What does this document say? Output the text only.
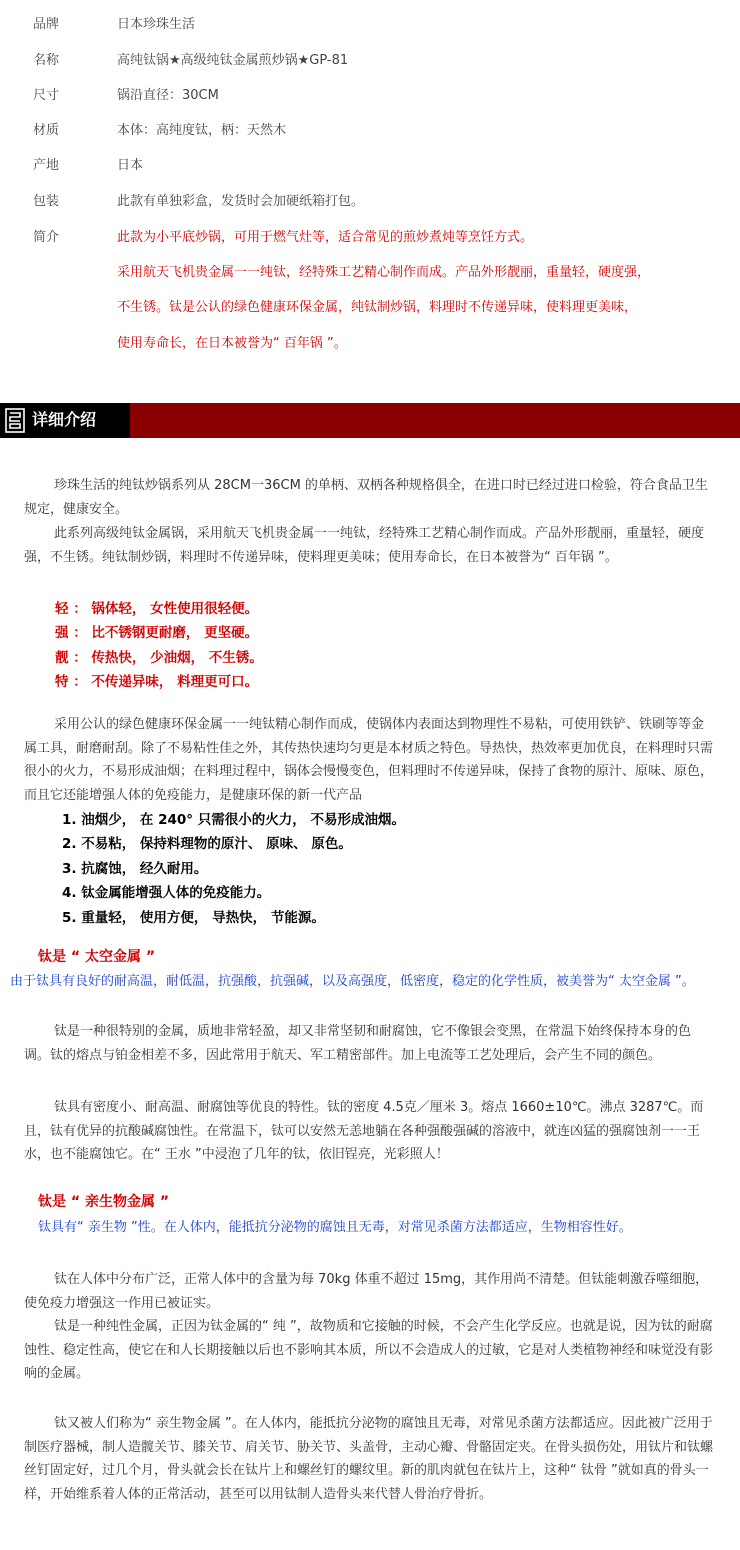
品牌	日本珍珠生活
名称	高纯钛锅★高级纯钛金属煎炒锅★GP-81
尺寸	锅沿直径：30CM
材质	本体：高纯度钛，柄：天然木
产地	日本
包装	此款有单独彩盒，发货时会加硬纸箱打包。
简介	此款为小平底炒锅，可用于燃气灶等，适合常见的煎炒煮炖等烹饪方式。
采用航天飞机贵金属一一纯钛，经特殊工艺精心制作而成。产品外形靓丽，重量轻，硬度强，
不生锈。钛是公认的绿色健康环保金属，纯钛制炒锅，料理时不传递异味，使料理更美味，
使用寿命长，在日本被誉为“ 百年锅 ”。
详细介绍
珍珠生活的纯钛炒锅系列从 28CM一36CM 的单柄、双柄各种规格俱全，在进口时已经过进口检验，符合食品卫生规定，健康安全。
此系列高级纯钛金属锅，采用航天飞机贵金属一一纯钛，经特殊工艺精心制作而成。产品外形靓丽，重量轻，硬度强，不生锈。纯钛制炒锅，料理时不传递异味，使料理更美味；使用寿命长，在日本被誉为“ 百年锅 ”。
轻 ： 锅体轻， 女性使用很轻便。
强 ： 比不锈钢更耐磨， 更坚硬。
靓 ： 传热快， 少油烟， 不生锈。
特 ： 不传递异味， 料理更可口。
采用公认的绿色健康环保金属一一纯钛精心制作而成，使锅体内表面达到物理性不易粘，可使用铁铲、铁刷等等金属工具，耐磨耐刮。除了不易粘性佳之外，其传热快速均匀更是本材质之特色。导热快，热效率更加优良，在料理时只需很小的火力，不易形成油烟；在料理过程中，锅体会慢慢变色，但料理时不传递异味，保持了食物的原汁、原味、原色，而且它还能增强人体的免疫能力，是健康环保的新一代产品
1. 油烟少， 在 240° 只需很小的火力， 不易形成油烟。
2. 不易粘， 保持料理物的原汁、 原味、 原色。
3. 抗腐蚀， 经久耐用。
4. 钛金属能增强人体的免疫能力。
5. 重量轻， 使用方便， 导热快， 节能源。
钛是 “ 太空金属 ”
由于钛具有良好的耐高温，耐低温，抗强酸，抗强碱，以及高强度，低密度，稳定的化学性质，被美誉为“ 太空金属 ”。
钛是一种很特别的金属，质地非常轻盈，却又非常坚韧和耐腐蚀，它不像银会变黑，在常温下始终保持本身的色调。钛的熔点与铂金相差不多，因此常用于航天、军工精密部件。加上电流等工艺处理后，会产生不同的颜色。
钛具有密度小、耐高温、耐腐蚀等优良的特性。钛的密度 4.5克／厘米 3。熔点 1660±10℃。沸点 3287℃。而且，钛有优异的抗酸碱腐蚀性。在常温下，钛可以安然无恙地躺在各种强酸强碱的溶液中，就连凶猛的强腐蚀剂一一王水，也不能腐蚀它。在“ 王水 ”中浸泡了几年的钛，依旧锃亮，光彩照人！
钛是 “ 亲生物金属 ”
钛具有“ 亲生物 ”性。在人体内，能抵抗分泌物的腐蚀且无毒，对常见杀菌方法都适应，生物相容性好。
钛在人体中分布广泛，正常人体中的含量为每 70kg 体重不超过 15mg，其作用尚不清楚。但钛能刺激吞噬细胞，使免疫力增强这一作用已被证实。
钛是一种纯性金属，正因为钛金属的“ 纯 ”，故物质和它接触的时候，不会产生化学反应。也就是说，因为钛的耐腐蚀性、稳定性高，使它在和人长期接触以后也不影响其本质，所以不会造成人的过敏，它是对人类植物神经和味觉没有影响的金属。
钛又被人们称为“ 亲生物金属 ”。在人体内，能抵抗分泌物的腐蚀且无毒，对常见杀菌方法都适应。因此被广泛用于制医疗器械，制人造髋关节、膝关节、肩关节、胁关节、头盖骨，主动心瓣、骨骼固定夹。在骨头损伤处，用钛片和钛螺丝钉固定好，过几个月，骨头就会长在钛片上和螺丝钉的螺纹里。新的肌肉就包在钛片上，这种“ 钛骨 ”就如真的骨头一样，开始维系着人体的正常活动，甚至可以用钛制人造骨头来代替人骨治疗骨折。
